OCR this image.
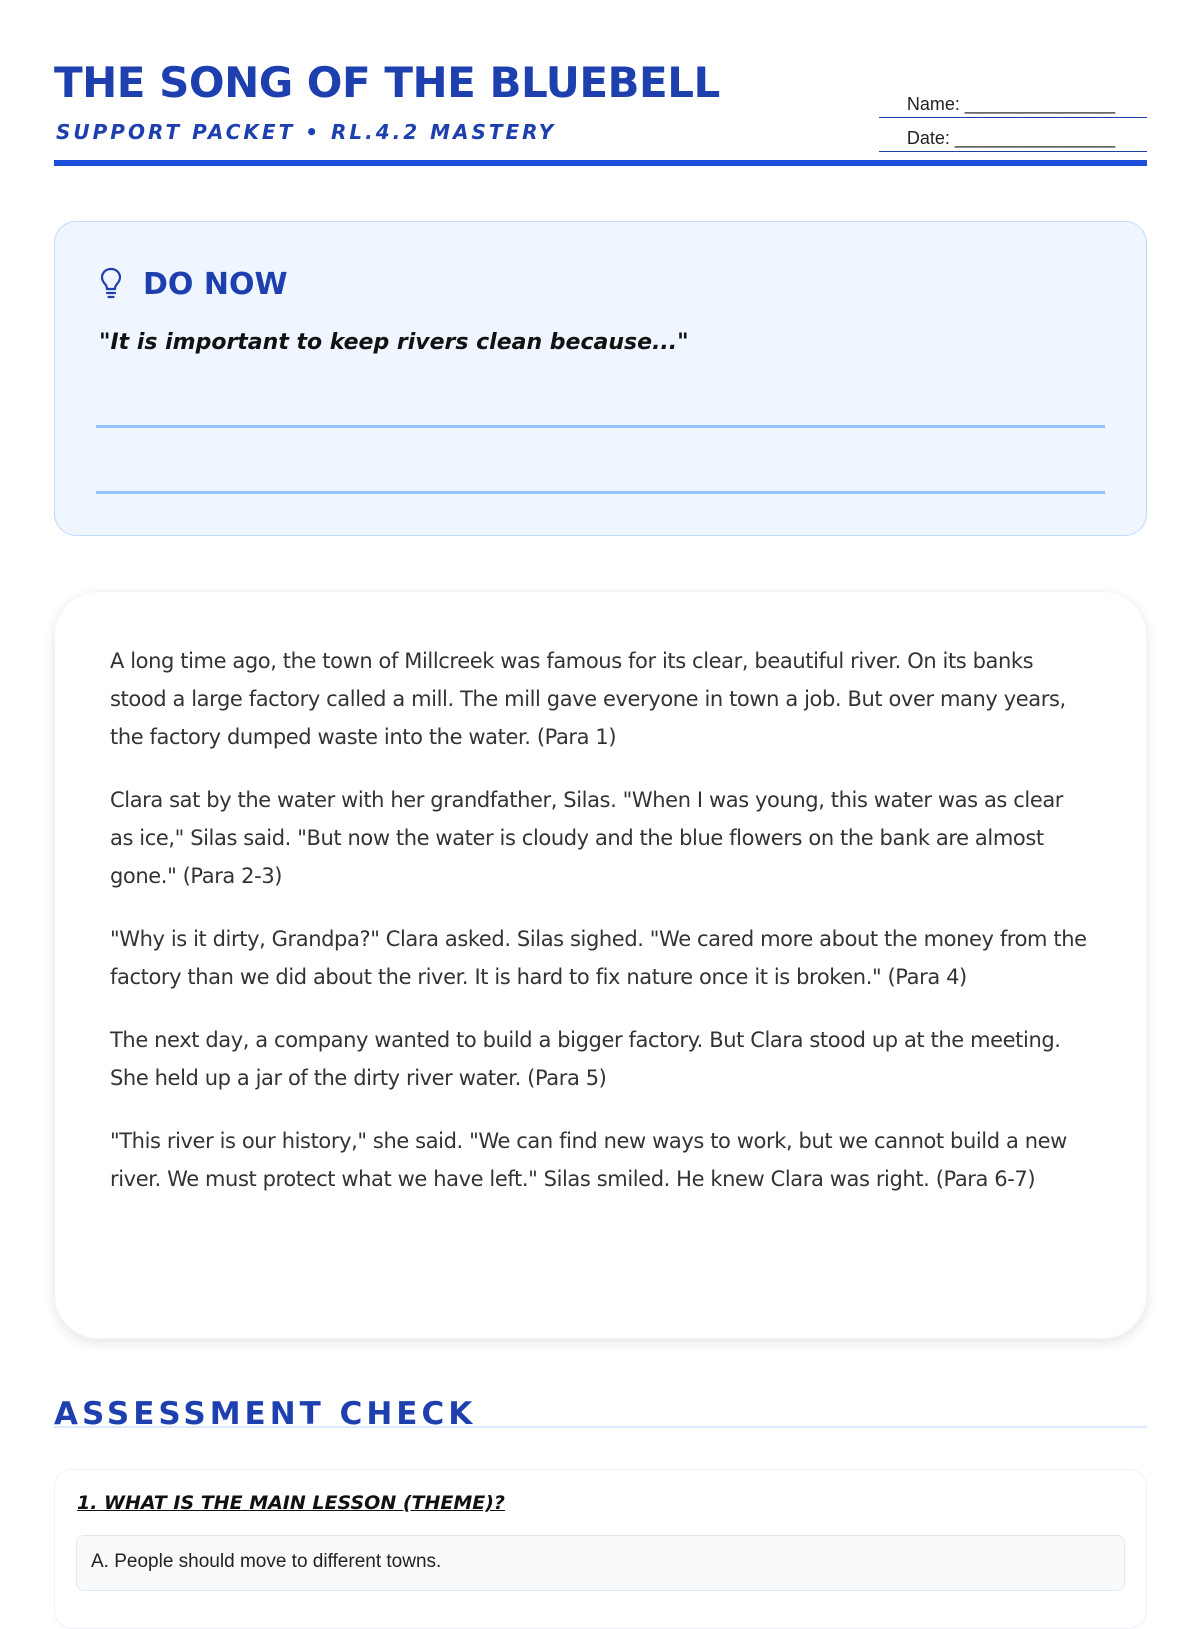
THE SONG OF THE BLUEBELL
SUPPORT PACKET • RL.4.2 MASTERY
Name: _______________
Date: ________________
DO NOW
"It is important to keep rivers clean because..."

A long time ago, the town of Millcreek was famous for its clear, beautiful river. On its banks stood a large factory called a mill. The mill gave everyone in town a job. But over many years, the factory dumped waste into the water. (Para 1)

Clara sat by the water with her grandfather, Silas. "When I was young, this water was as clear as ice," Silas said. "But now the water is cloudy and the blue flowers on the bank are almost gone." (Para 2-3)

"Why is it dirty, Grandpa?" Clara asked. Silas sighed. "We cared more about the money from the factory than we did about the river. It is hard to fix nature once it is broken." (Para 4)

The next day, a company wanted to build a bigger factory. But Clara stood up at the meeting. She held up a jar of the dirty river water. (Para 5)

"This river is our history," she said. "We can find new ways to work, but we cannot build a new river. We must protect what we have left." Silas smiled. He knew Clara was right. (Para 6-7)

ASSESSMENT CHECK
1. WHAT IS THE MAIN LESSON (THEME)?
A. People should move to different towns.
